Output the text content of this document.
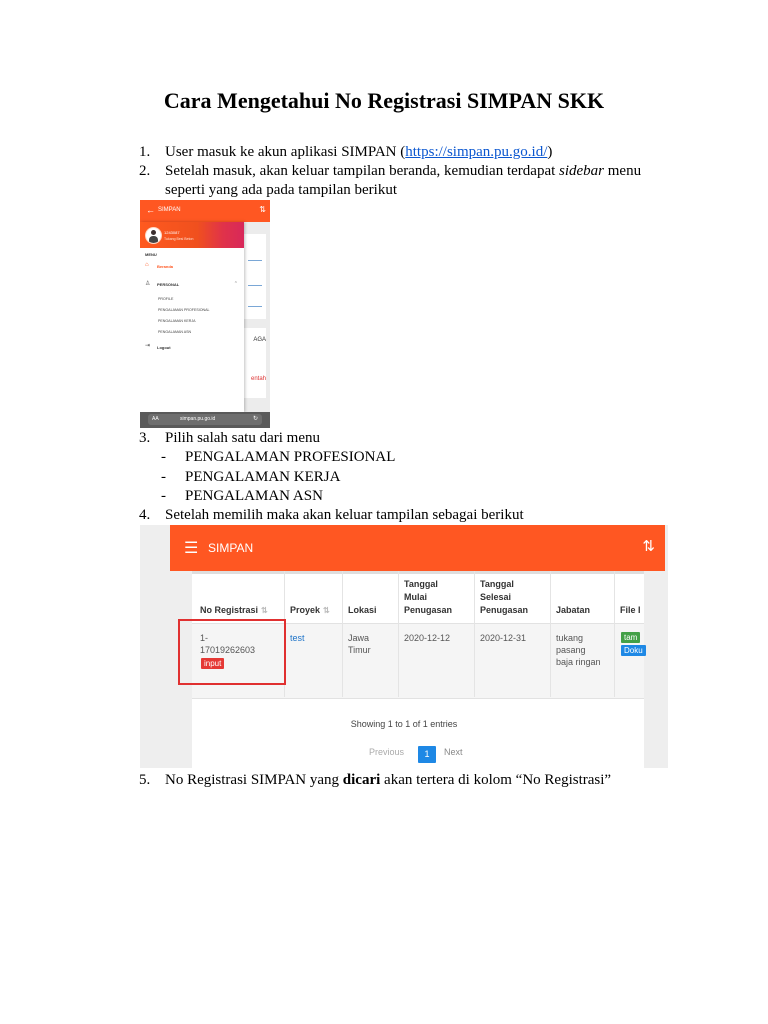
Cara Mengetahui No Registrasi SIMPAN SKK
1. User masuk ke akun aplikasi SIMPAN (https://simpan.pu.go.id/)
2. Setelah masuk, akan keluar tampilan beranda, kemudian terdapat sidebar menu
seperti yang ada pada tampilan berikut
AGA
entah
← SIMPAN	⇅
1243087
Tukang Besi Beton
MENU
⌂ Beranda
♙ PERSONAL	⌃
PROFILE
PENGALAMAN PROFESIONAL
PENGALAMAN KERJA
PENGALAMAN ASN
⇥ Logout
AA	simpan.pu.go.id	↻
3. Pilih salah satu dari menu
- PENGALAMAN PROFESIONAL
- PENGALAMAN KERJA
- PENGALAMAN ASN
4. Setelah memilih maka akan keluar tampilan sebagai berikut
☰ SIMPAN	⇅
No Registrasi ⇅ Proyek ⇅ Lokasi
Tanggal
Mulai
Penugasan
Tanggal
Selesai
Penugasan	Jabatan	File I
1-
17019262603
input
test	Jawa
Timur
2020-12-12	2020-12-31	tukang
pasang
baja ringan
tam
Doku
Showing 1 to 1 of 1 entries
Previous	1	Next
5. No Registrasi SIMPAN yang dicari akan tertera di kolom “No Registrasi”
